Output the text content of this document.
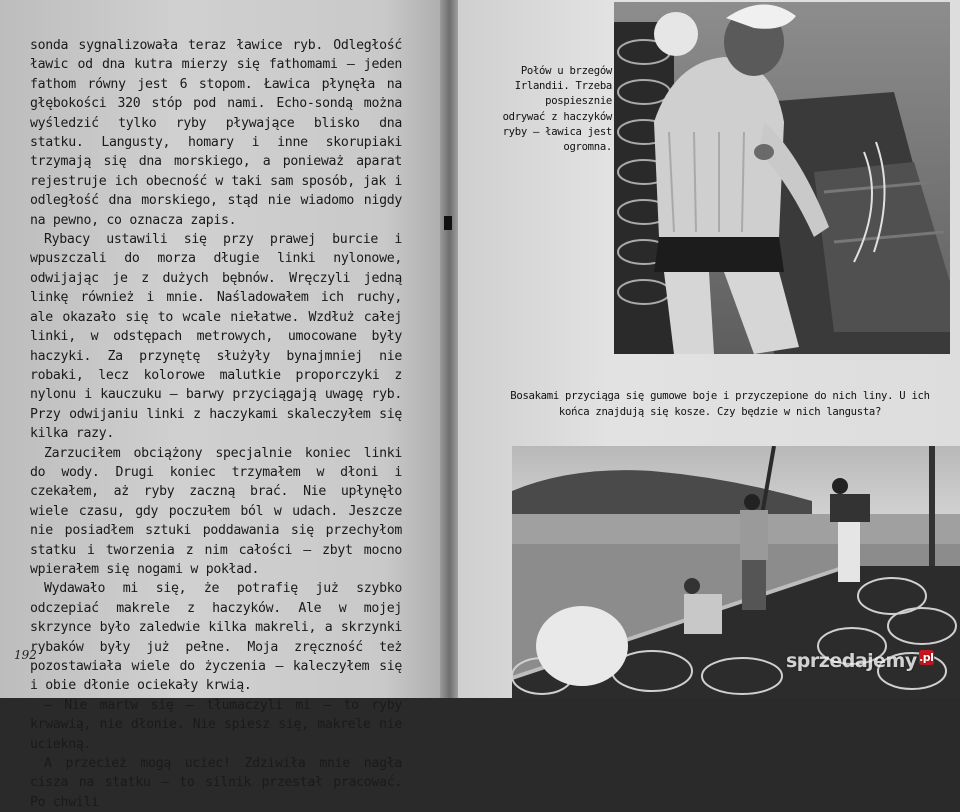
sonda sygnalizowała teraz ławice ryb. Odległość ławic od dna kutra mierzy się fathomami — jeden fathom równy jest 6 stopom. Ławica płynęła na głębokości 320 stóp pod nami. Echo-sondą można wyśledzić tylko ryby pływające blisko dna statku. Langusty, homary i inne skorupiaki trzymają się dna morskiego, a ponieważ aparat rejestruje ich obecność w taki sam sposób, jak i odległość dna morskiego, stąd nie wiadomo nigdy na pewno, co oznacza zapis.

Rybacy ustawili się przy prawej burcie i wpuszczali do morza długie linki nylonowe, odwijając je z dużych bębnów. Wręczyli jedną linkę również i mnie. Naśladowałem ich ruchy, ale okazało się to wcale niełatwe. Wzdłuż całej linki, w odstępach metrowych, umocowane były haczyki. Za przynętę służyły bynajmniej nie robaki, lecz kolorowe malutkie proporczyki z nylonu i kauczuku — barwy przyciągają uwagę ryb. Przy odwijaniu linki z haczykami skaleczyłem się kilka razy.

Zarzuciłem obciążony specjalnie koniec linki do wody. Drugi koniec trzymałem w dłoni i czekałem, aż ryby zaczną brać. Nie upłynęło wiele czasu, gdy poczułem ból w udach. Jeszcze nie posiadłem sztuki poddawania się przechyłom statku i tworzenia z nim całości — zbyt mocno wpierałem się nogami w pokład.

Wydawało mi się, że potrafię już szybko odczepiać makrele z haczyków. Ale w mojej skrzynce było zaledwie kilka makreli, a skrzynki rybaków były już pełne. Moja zręczność też pozostawiała wiele do życzenia — kaleczyłem się i obie dłonie ociekały krwią.

— Nie martw się — tłumaczyli mi — to ryby krwawią, nie dłonie. Nie spiesz się, makrele nie uciekną.

A przecież mogą uciec! Zdziwiła mnie nagła cisza na statku — to silnik przestał pracować. Po chwili

192

Połów u brzegów Irlandii. Trzeba pospiesznie odrywać z haczyków ryby — ławica jest ogromna.

Bosakami przyciąga się gumowe boje i przyczepione do nich liny. U ich końca znajdują się kosze. Czy będzie w nich langusta?

sprzedajemy .pl
